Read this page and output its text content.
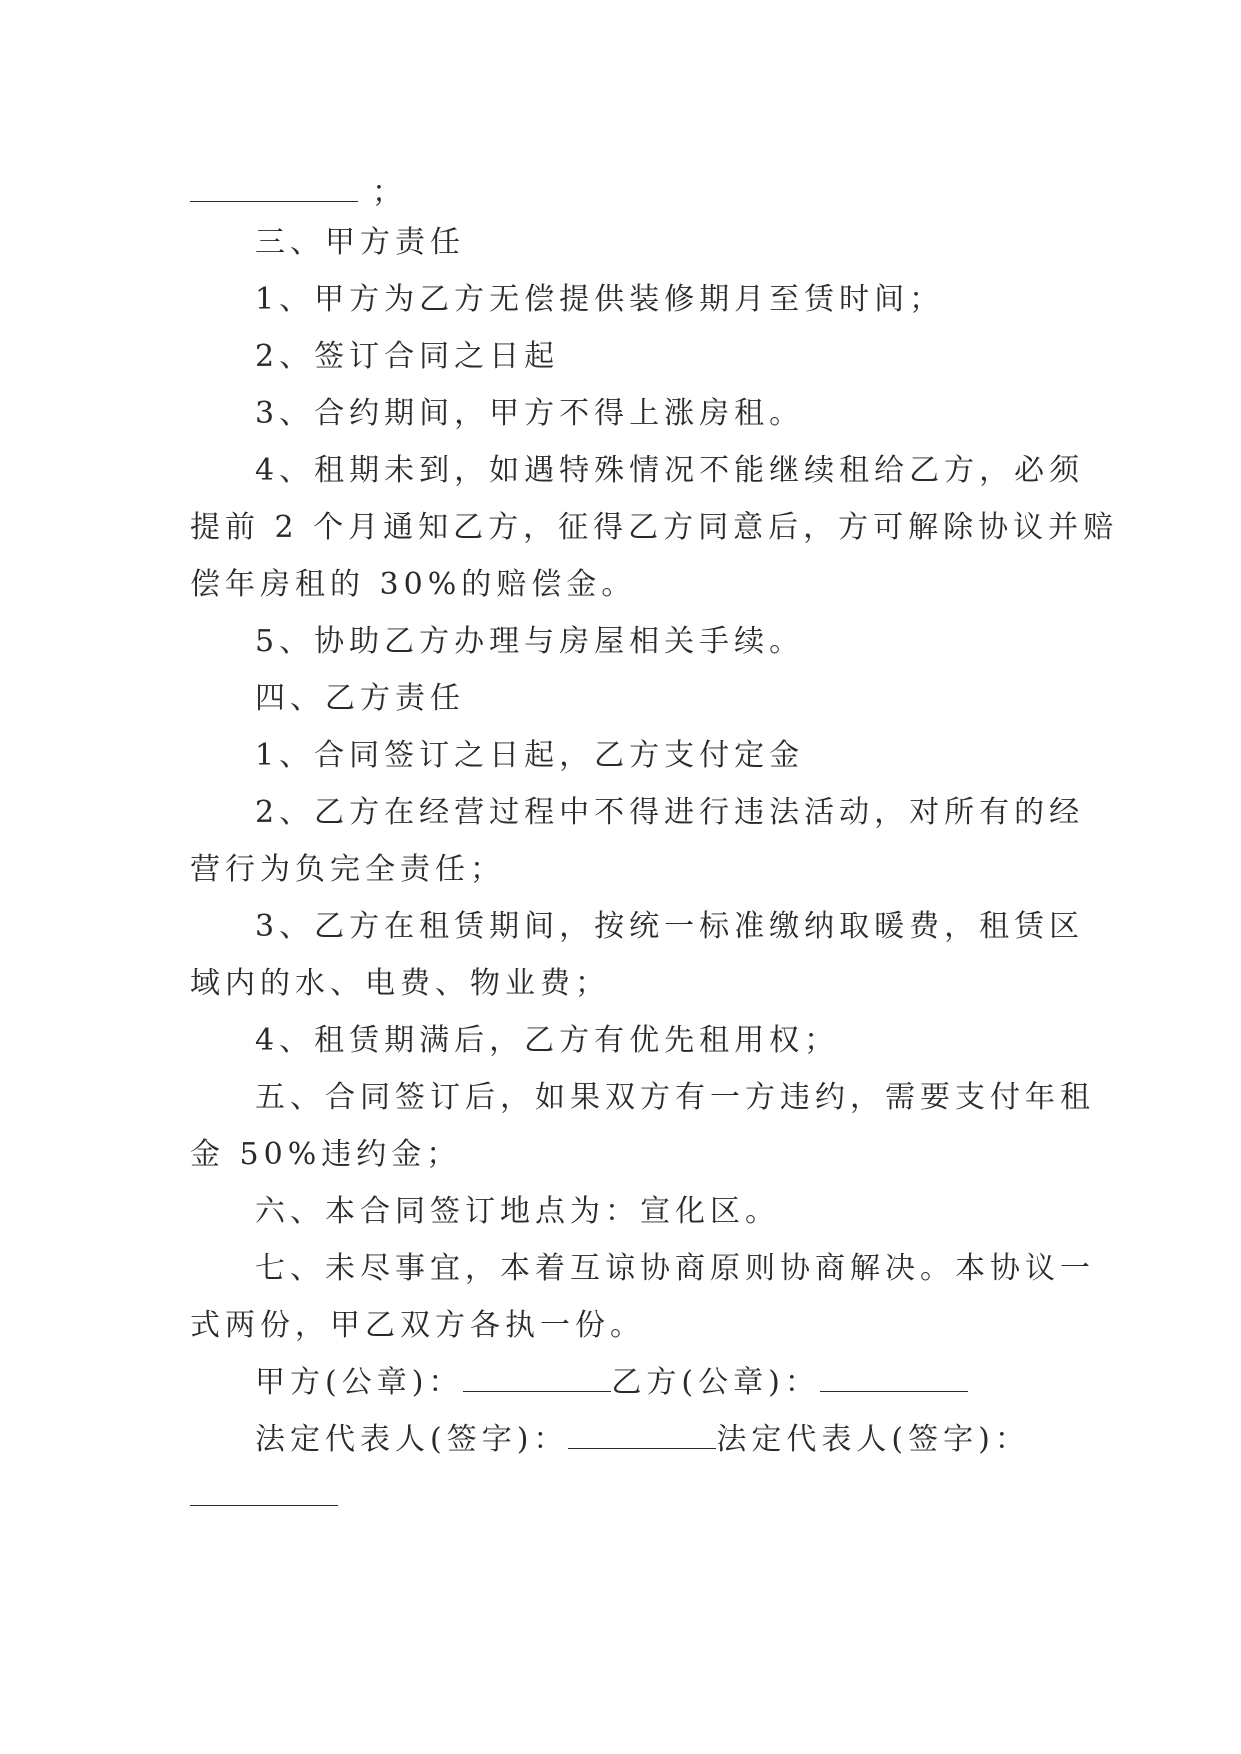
；
三、甲方责任
1、甲方为乙方无偿提供装修期月至赁时间；
2、签订合同之日起
3、合约期间，甲方不得上涨房租。
4、租期未到，如遇特殊情况不能继续租给乙方，必须
提前 2 个月通知乙方，征得乙方同意后，方可解除协议并赔
偿年房租的 30%的赔偿金。
5、协助乙方办理与房屋相关手续。
四、乙方责任
1、合同签订之日起，乙方支付定金
2、乙方在经营过程中不得进行违法活动，对所有的经
营行为负完全责任；
3、乙方在租赁期间，按统一标准缴纳取暖费，租赁区
域内的水、电费、物业费；
4、租赁期满后，乙方有优先租用权；
五、合同签订后，如果双方有一方违约，需要支付年租
金 50%违约金；
六、本合同签订地点为：宣化区。
七、未尽事宜，本着互谅协商原则协商解决。本协议一
式两份，甲乙双方各执一份。
甲方(公章)：	乙方(公章)：
法定代表人(签字)：	法定代表人(签字)：
